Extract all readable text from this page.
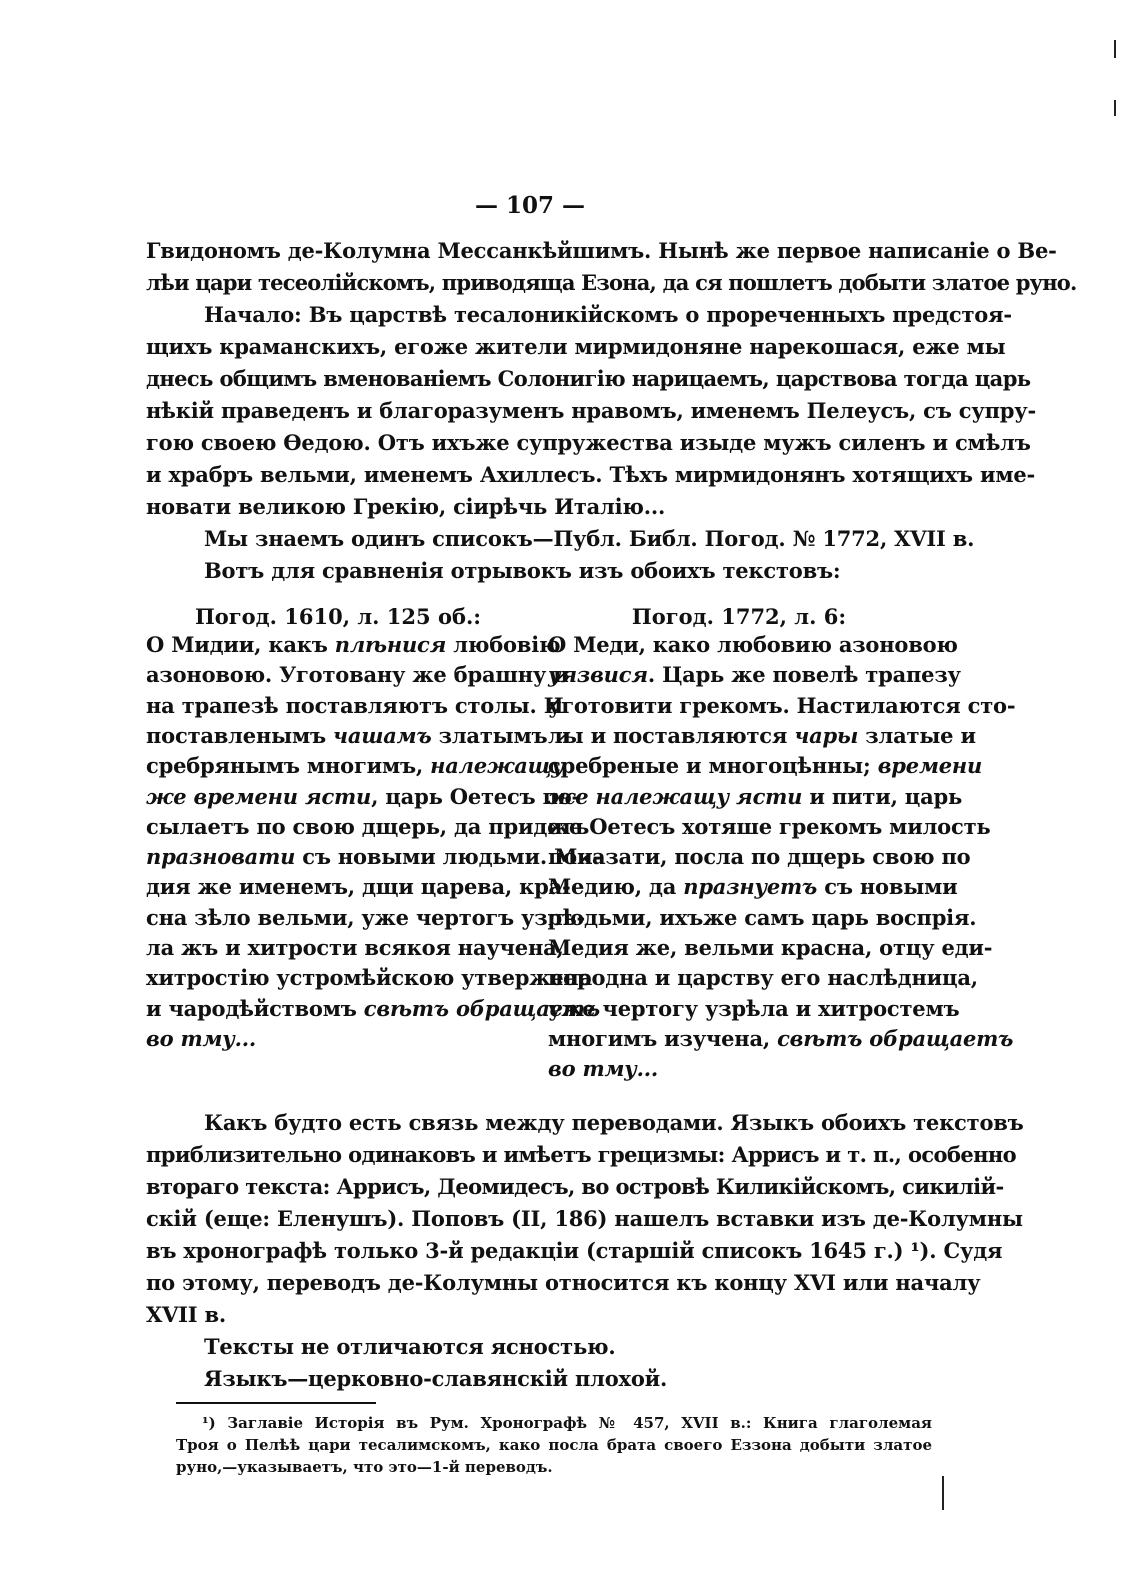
— 107 —
Гвидономъ де-Колумна Мессанкѣйшимъ. Нынѣ же первое написаніе о Ве-
лѣи цари тесеолійскомъ, приводяща Езона, да ся пошлетъ добыти златое руно.
Начало: Въ царствѣ тесалоникійскомъ о прореченныхъ предстоя-
щихъ краманскихъ, егоже жители мирмидоняне нарекошася, еже мы
днесь общимъ вменованіемъ Солонигію нарицаемъ, царствова тогда царь
нѣкій праведенъ и благоразуменъ нравомъ, именемъ Пелеусъ, съ супру-
гою своею Ѳедою. Отъ ихъже супружества изыде мужъ силенъ и смѣлъ
и храбръ вельми, именемъ Ахиллесъ. Тѣхъ мирмидонянъ хотящихъ име-
новати великою Грекію, сіирѣчь Италію...
Мы знаемъ одинъ списокъ—Публ. Библ. Погод. № 1772, XVII в.
Вотъ для сравненія отрывокъ изъ обоихъ текстовъ:
Погод. 1610, л. 125 об.:	Погод. 1772, л. 6:
О Мидии, какъ плѣнися любовію
азоновою. Уготовану же брашну и
на трапезѣ поставляютъ столы. И
поставленымъ чашамъ златымъ и
сребрянымъ многимъ, належащу
же времени ясти, царь Оетесъ по-
сылаетъ по свою дщерь, да придетъ
празновати съ новыми людьми. Ми-
дия же именемъ, дщи царева, кра-
сна зѣло вельми, уже чертогъ узрѣ-
ла жъ и хитрости всякоя научена,
хитростію устромѣйскою утвержена
и чародѣйствомъ свѣтъ обращаетъ
во тму...
О Меди, како любовию азоновою
уязвися. Царь же повелѣ трапезу
уготовити грекомъ. Настилаются сто-
лы и поставляются чары златые и
сребреные и многоцѣнны; времени
же належащу ясти и пити, царь
же Оетесъ хотяше грекомъ милость
показати, посла по дщерь свою по
Медию, да празнуетъ съ новыми
людьми, ихъже самъ царь воспрія.
Медия же, вельми красна, отцу еди-
нородна и царству его наслѣдница,
уже чертогу узрѣла и хитростемъ
многимъ изучена, свѣтъ обращаетъ
во тму...
Какъ будто есть связь между переводами. Языкъ обоихъ текстовъ
приблизительно одинаковъ и имѣетъ грецизмы: Аррисъ и т. п., особенно
втораго текста: Аррисъ, Деомидесъ, во островѣ Киликійскомъ, сикилій-
скій (еще: Еленушъ). Поповъ (II, 186) нашелъ вставки изъ де-Колумны
въ хронографѣ только 3-й редакціи (старшій списокъ 1645 г.) ¹). Судя
по этому, переводъ де-Колумны относится къ концу XVI или началу
XVII в.
Тексты не отличаются ясностью.
Языкъ—церковно-славянскій плохой.
¹) Заглавіе Исторія въ Рум. Хронографѣ № 457, XVII в.: Книга глаголемая
Троя о Пелѣѣ цари тесалимскомъ, како посла брата своего Еззона добыти златое
руно,—указываетъ, что это—1-й переводъ.
